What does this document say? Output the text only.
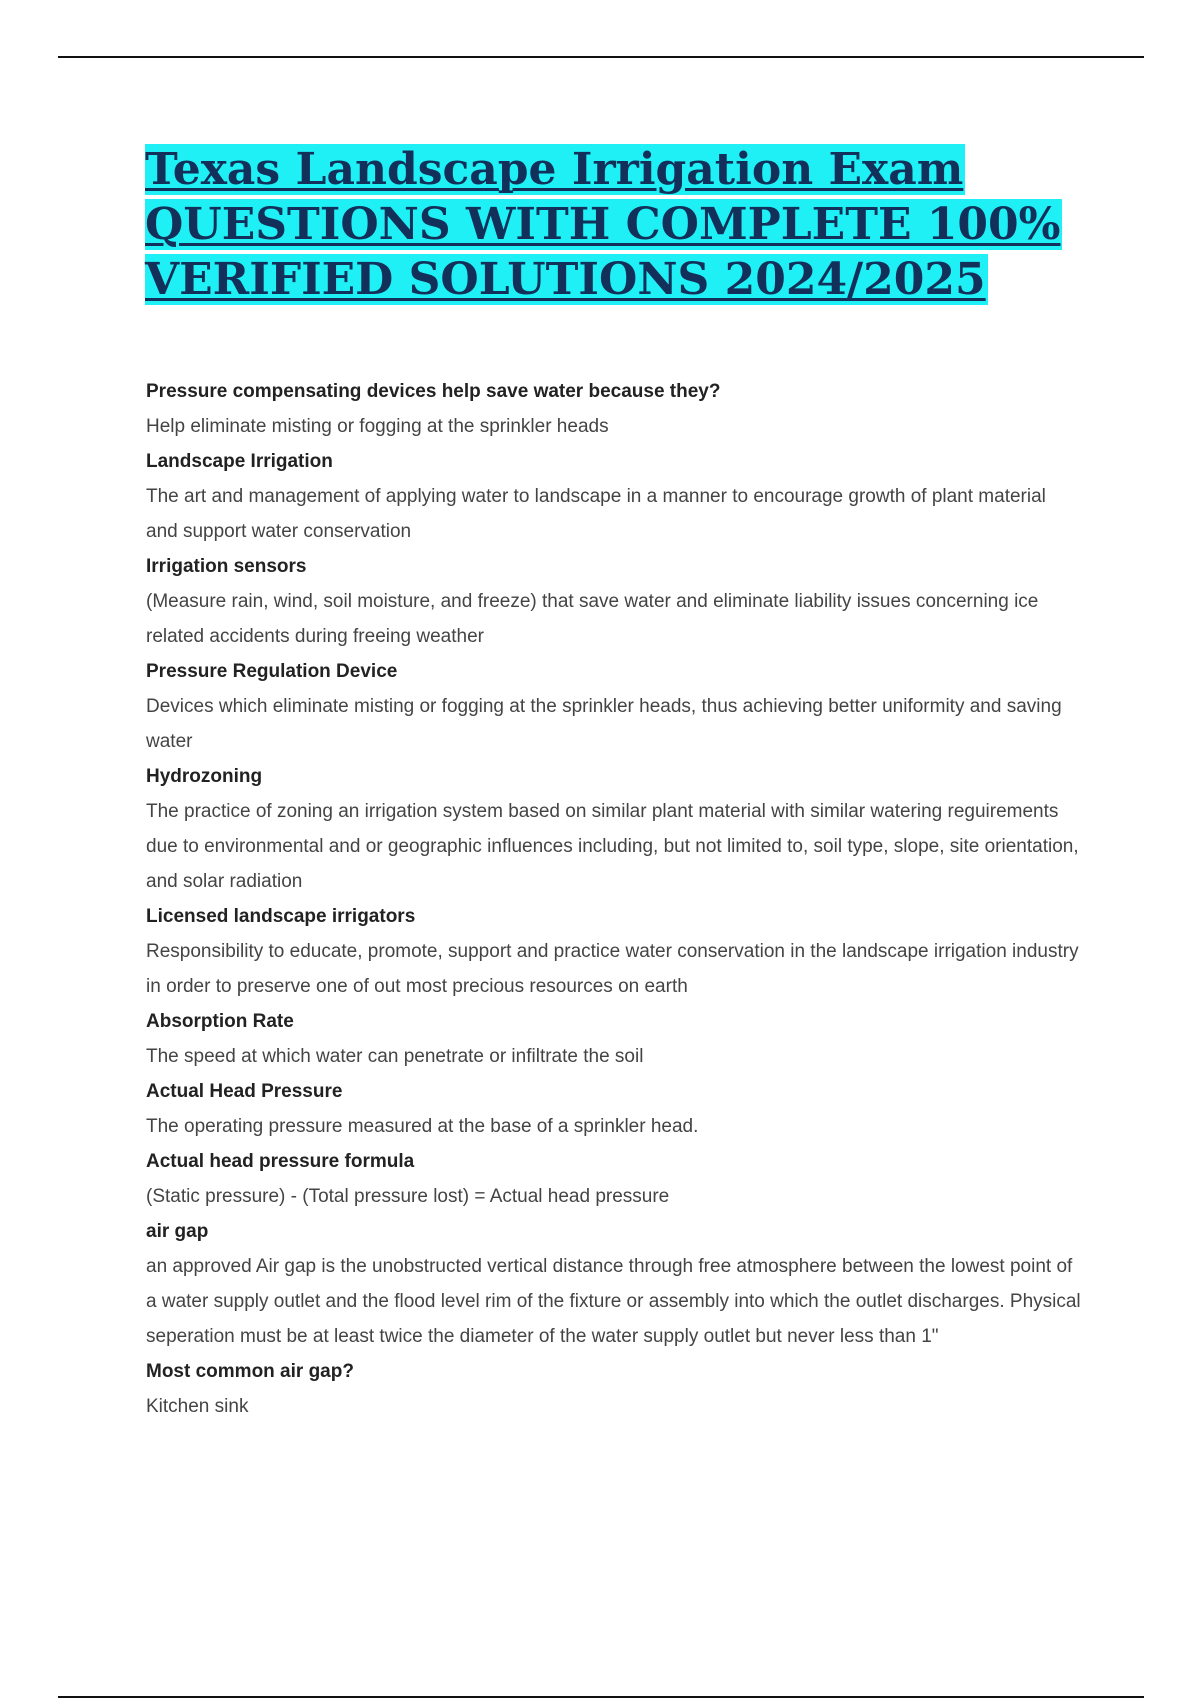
Texas Landscape Irrigation Exam
QUESTIONS WITH COMPLETE 100%
VERIFIED SOLUTIONS 2024/2025
Pressure compensating devices help save water because they?
Help eliminate misting or fogging at the sprinkler heads
Landscape Irrigation
The art and management of applying water to landscape in a manner to encourage growth of plant material and support water conservation
Irrigation sensors
(Measure rain, wind, soil moisture, and freeze) that save water and eliminate liability issues concerning ice related accidents during freeing weather
Pressure Regulation Device
Devices which eliminate misting or fogging at the sprinkler heads, thus achieving better uniformity and saving water
Hydrozoning
The practice of zoning an irrigation system based on similar plant material with similar watering reguirements due to environmental and or geographic influences including, but not limited to, soil type, slope, site orientation, and solar radiation
Licensed landscape irrigators
Responsibility to educate, promote, support and practice water conservation in the landscape irrigation industry in order to preserve one of out most precious resources on earth
Absorption Rate
The speed at which water can penetrate or infiltrate the soil
Actual Head Pressure
The operating pressure measured at the base of a sprinkler head.
Actual head pressure formula
(Static pressure) - (Total pressure lost) = Actual head pressure
air gap
an approved Air gap is the unobstructed vertical distance through free atmosphere between the lowest point of a water supply outlet and the flood level rim of the fixture or assembly into which the outlet discharges. Physical seperation must be at least twice the diameter of the water supply outlet but never less than 1"
Most common air gap?
Kitchen sink
